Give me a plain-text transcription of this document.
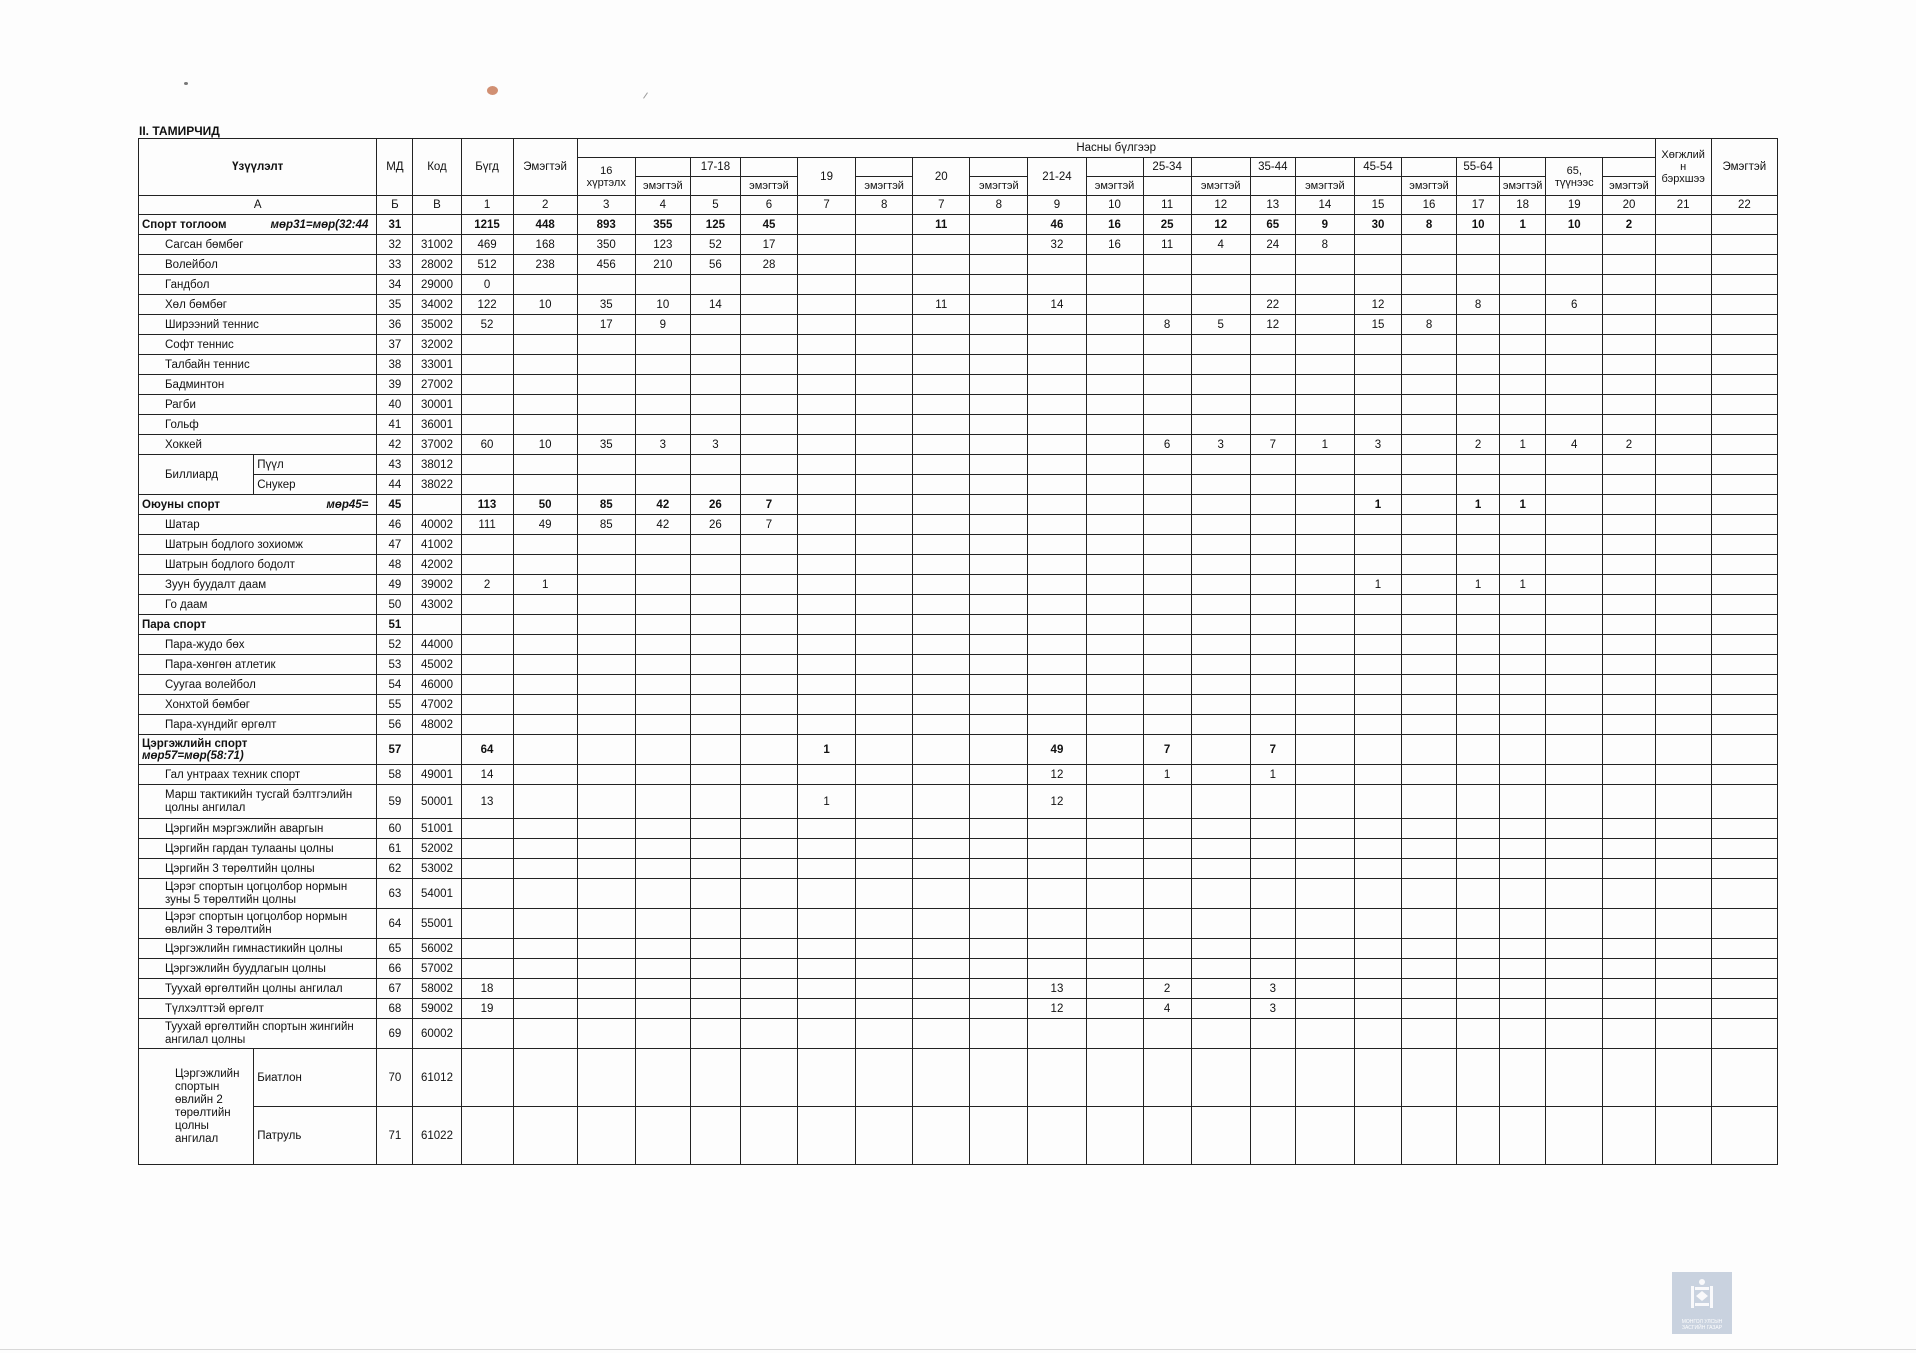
II. ТАМИРЧИД
Үзүүлэлт		МД	Код	Бүгд	Эмэгтэй	Насны бүлгээр																				Хөгжлий н бэрхшээ	Эмэгтэй
						16 хүртэлх		17-18		19		20		21-24		25-34		35-44		45-54		55-64		65, түүнээс			
							эмэгтэй		эмэгтэй		эмэгтэй		эмэгтэй		эмэгтэй		эмэгтэй		эмэгтэй		эмэгтэй		эмэгтэй		эмэгтэй		
А		Б	В	1	2	3	4	5	6	7	8	7	8	9	10	11	12	13	14	15	16	17	18	19	20	21	22

Спорт тоглоом мөр31=мөр(32:44		31		1215	448	893	355	125	45			11		46	16	25	12	65	9	30	8	10	1	10	2		
Сагсан бөмбөг		32	31002	469	168	350	123	52	17					32	16	11	4	24	8								
Волейбол		33	28002	512	238	456	210	56	28																		
Гандбол		34	29000	0																							
Хөл бөмбөг		35	34002	122	10	35	10	14				11		14				22		12		8		6			
Ширээний теннис		36	35002	52		17	9									8	5	12		15	8						
Софт теннис		37	32002																								
Талбайн теннис		38	33001																								
Бадминтон		39	27002																								
Рагби		40	30001																								
Гольф		41	36001																								
Хоккей		42	37002	60	10	35	3	3								6	3	7	1	3		2	1	4	2		
Биллиард	Пүүл	43	38012																								
	Снукер	44	38022																								

Оюуны спорт мөр45=		45		113	50	85	42	26	7											1		1	1				
Шатар		46	40002	111	49	85	42	26	7																		
Шатрын бодлого зохиомж		47	41002																								
Шатрын бодлого бодолт		48	42002																								
Зуун буудалт даам		49	39002	2	1															1		1	1				
Го даам		50	43002																								
Пара спорт		51																									
Пара-жудо бөх		52	44000																								
Пара-хөнгөн атлетик		53	45002																								
Суугаа волейбол		54	46000																								
Хонхтой бөмбөг		55	47002																								
Пара-хүндийг өргөлт		56	48002																								

Цэргэжлийн спорт
мөр57=мөр(58:71)		57		64						1				49		7		7									
Гал унтраах техник спорт		58	49001	14										12		1		1									
Марш тактикийн тусгай бэлтгэлийн цолны ангилал		59	50001	13						1				12													
Цэргийн мэргэжлийн аваргын		60	51001																								
Цэргийн гардан тулааны цолны		61	52002																								
Цэргийн 3 төрөлтийн цолны		62	53002																								
Цэрэг спортын цогцолбор нормын зуны 5 төрөлтийн цолны		63	54001																								
Цэрэг спортын цогцолбор нормын өвлийн 3 төрөлтийн		64	55001																								
Цэргэжлийн гимнастикийн цолны		65	56002																								
Цэргэжлийн буудлагын цолны		66	57002																								
Туухай өргөлтийн цолны ангилал		67	58002	18										13		2		3									
Түлхэлттэй өргөлт		68	59002	19										12		4		3									
Туухай өргөлтийн спортын жингийн ангилал цолны		69	60002																								
Цэргэжлийн спортын өвлийн 2 төрөлтийн цолны ангилал	Биатлон	70	61012																								
	Патруль	71	61022																								
МОНГОЛ УЛСЫН ЗАСГИЙН ГАЗАР
